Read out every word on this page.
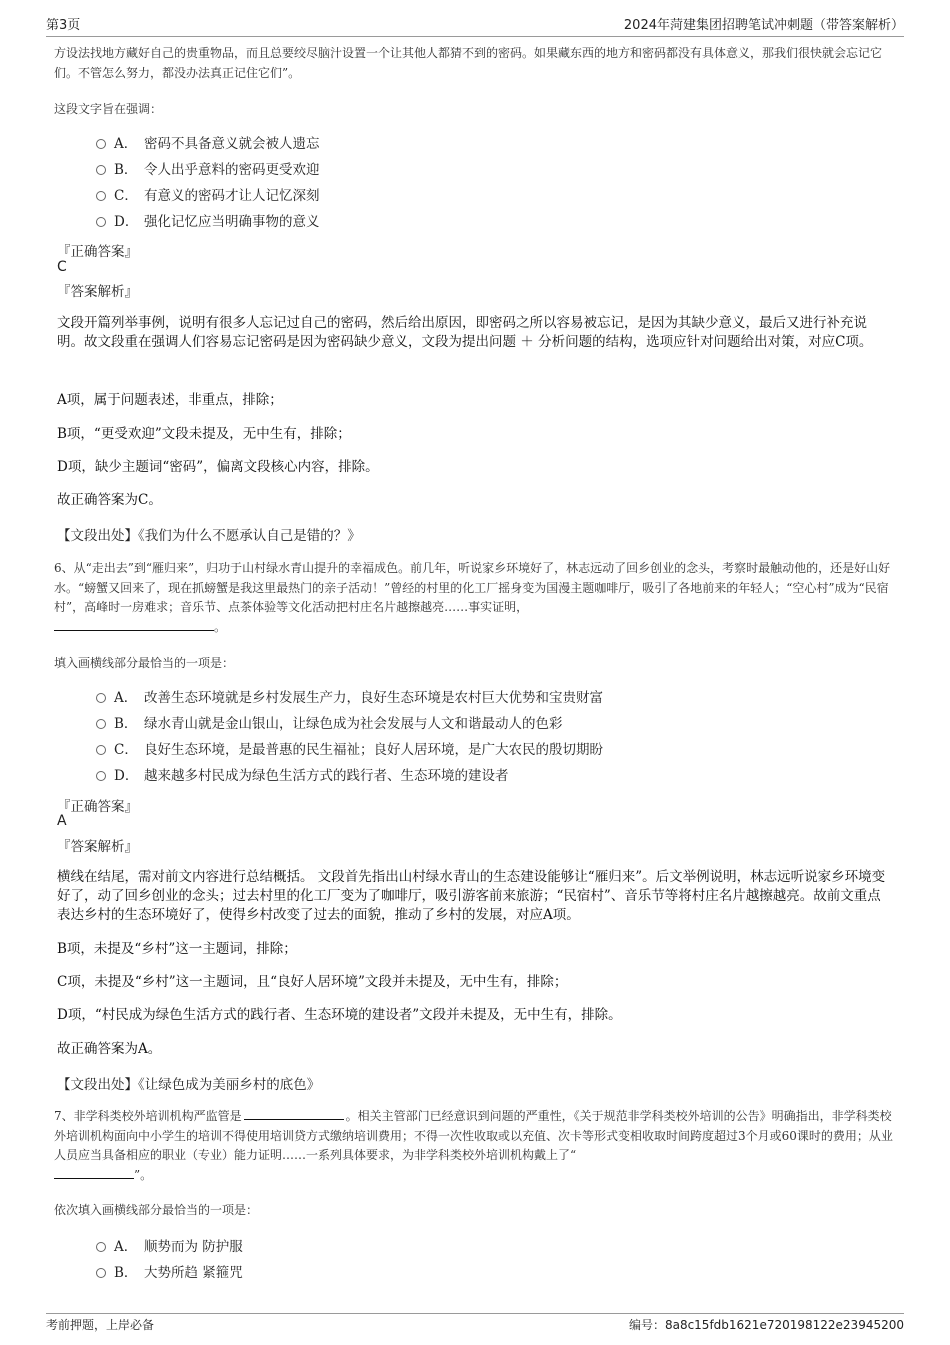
第3页	2024年菏建集团招聘笔试冲刺题（带答案解析）
方设法找地方藏好自己的贵重物品，而且总要绞尽脑汁设置一个让其他人都猜不到的密码。如果藏东西的地方和密码都没有具体意义，那我们很快就会忘记它们。不管怎么努力，都没办法真正记住它们”。
这段文字旨在强调：
A． 密码不具备意义就会被人遗忘
B． 令人出乎意料的密码更受欢迎
C． 有意义的密码才让人记忆深刻
D． 强化记忆应当明确事物的意义
『正确答案』
C
『答案解析』
文段开篇列举事例，说明有很多人忘记过自己的密码，然后给出原因，即密码之所以容易被忘记，是因为其缺少意义，最后又进行补充说明。故文段重在强调人们容易忘记密码是因为密码缺少意义，文段为提出问题 ＋ 分析问题的结构，选项应针对问题给出对策，对应C项。
A项，属于问题表述，非重点，排除；
B项，“更受欢迎”文段未提及，无中生有，排除；
D项，缺少主题词“密码”，偏离文段核心内容，排除。
故正确答案为C。
【文段出处】《我们为什么不愿承认自己是错的？》
6、从“走出去”到“雁归来”，归功于山村绿水青山提升的幸福成色。前几年，听说家乡环境好了，林志远动了回乡创业的念头，考察时最触动他的，还是好山好水。“螃蟹又回来了，现在抓螃蟹是我这里最热门的亲子活动！”曾经的村里的化工厂摇身变为国漫主题咖啡厅，吸引了各地前来的年轻人；“空心村”成为“民宿村”，高峰时一房难求；音乐节、点茶体验等文化活动把村庄名片越擦越亮……事实证明，
。
填入画横线部分最恰当的一项是：
A． 改善生态环境就是乡村发展生产力，良好生态环境是农村巨大优势和宝贵财富
B． 绿水青山就是金山银山，让绿色成为社会发展与人文和谐最动人的色彩
C． 良好生态环境，是最普惠的民生福祉；良好人居环境，是广大农民的殷切期盼
D． 越来越多村民成为绿色生活方式的践行者、生态环境的建设者
『正确答案』
A
『答案解析』
横线在结尾，需对前文内容进行总结概括。 文段首先指出山村绿水青山的生态建设能够让“雁归来”。后文举例说明，林志远听说家乡环境变好了，动了回乡创业的念头；过去村里的化工厂变为了咖啡厅，吸引游客前来旅游；“民宿村”、音乐节等将村庄名片越擦越亮。故前文重点表达乡村的生态环境好了，使得乡村改变了过去的面貌，推动了乡村的发展，对应A项。
B项，未提及“乡村”这一主题词，排除；
C项，未提及“乡村”这一主题词，且“良好人居环境”文段并未提及，无中生有，排除；
D项，“村民成为绿色生活方式的践行者、生态环境的建设者”文段并未提及，无中生有，排除。
故正确答案为A。
【文段出处】《让绿色成为美丽乡村的底色》
7、非学科类校外培训机构严监管是	。相关主管部门已经意识到问题的严重性，《关于规范非学科类校外培训的公告》明确指出，非学科类校外培训机构面向中小学生的培训不得使用培训贷方式缴纳培训费用；不得一次性收取或以充值、次卡等形式变相收取时间跨度超过3个月或60课时的费用；从业人员应当具备相应的职业（专业）能力证明……一系列具体要求，为非学科类校外培训机构戴上了“
”。
依次填入画横线部分最恰当的一项是：
A． 顺势而为 防护服
B． 大势所趋 紧箍咒
考前押题，上岸必备	编号：8a8c15fdb1621e720198122e23945200
